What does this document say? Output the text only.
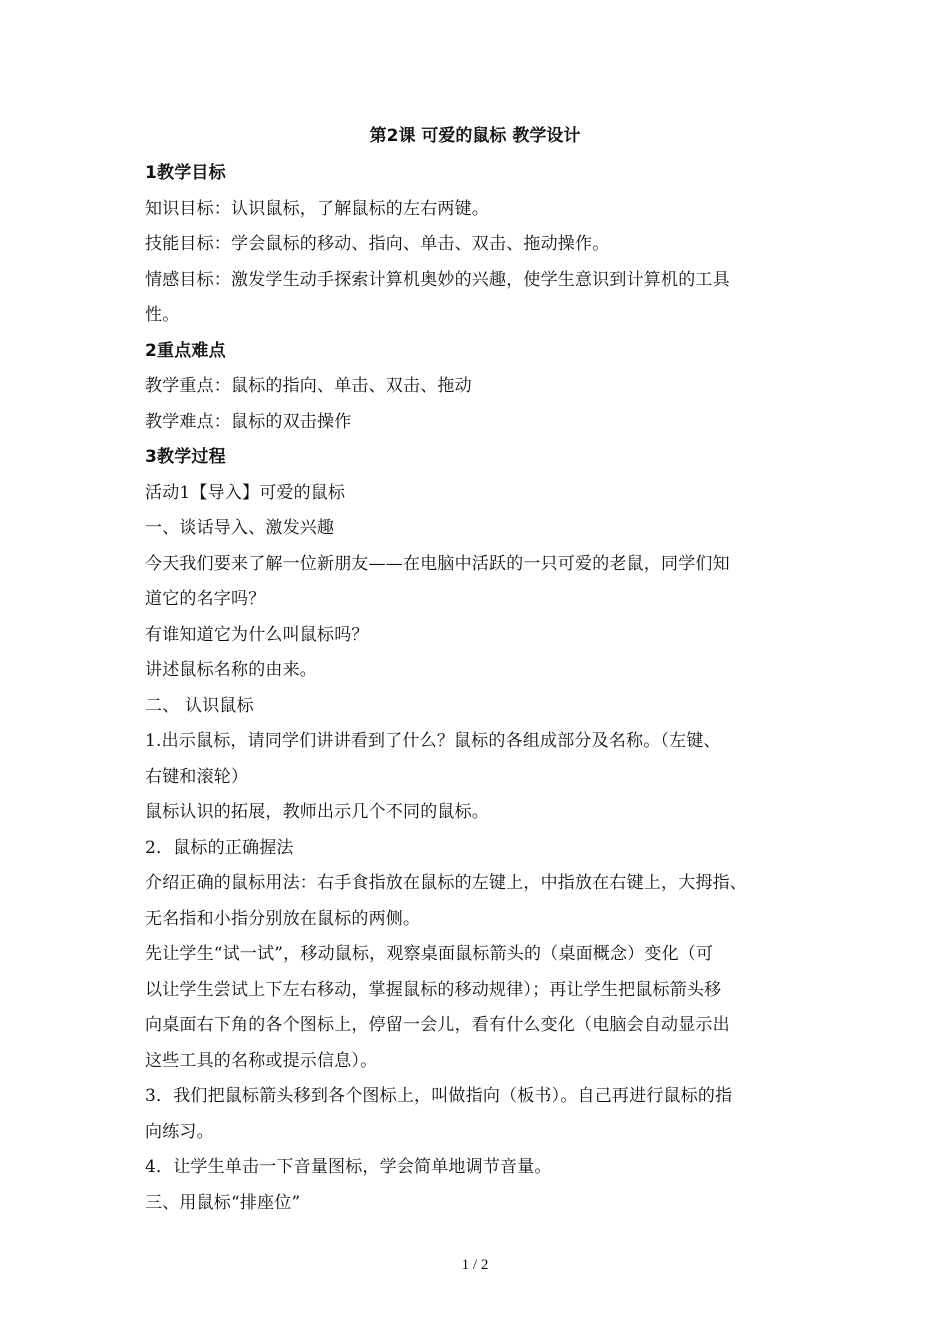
第2课 可爱的鼠标 教学设计
1教学目标
知识目标：认识鼠标，了解鼠标的左右两键。
技能目标：学会鼠标的移动、指向、单击、双击、拖动操作。
情感目标：激发学生动手探索计算机奥妙的兴趣，使学生意识到计算机的工具
性。
2重点难点
教学重点：鼠标的指向、单击、双击、拖动
教学难点：鼠标的双击操作
3教学过程
活动1【导入】可爱的鼠标
一、谈话导入、激发兴趣
今天我们要来了解一位新朋友——在电脑中活跃的一只可爱的老鼠，同学们知
道它的名字吗？
有谁知道它为什么叫鼠标吗？
讲述鼠标名称的由来。
二、 认识鼠标
1.出示鼠标，请同学们讲讲看到了什么？鼠标的各组成部分及名称。（左键、
右键和滚轮）
鼠标认识的拓展，教师出示几个不同的鼠标。
2．鼠标的正确握法
介绍正确的鼠标用法：右手食指放在鼠标的左键上，中指放在右键上，大拇指、
无名指和小指分别放在鼠标的两侧。
先让学生“试一试”，移动鼠标，观察桌面鼠标箭头的（桌面概念）变化（可
以让学生尝试上下左右移动，掌握鼠标的移动规律）；再让学生把鼠标箭头移
向桌面右下角的各个图标上，停留一会儿，看有什么变化（电脑会自动显示出
这些工具的名称或提示信息）。
3．我们把鼠标箭头移到各个图标上，叫做指向（板书）。自己再进行鼠标的指
向练习。
4．让学生单击一下音量图标，学会简单地调节音量。
三、用鼠标“排座位”
1 / 2
